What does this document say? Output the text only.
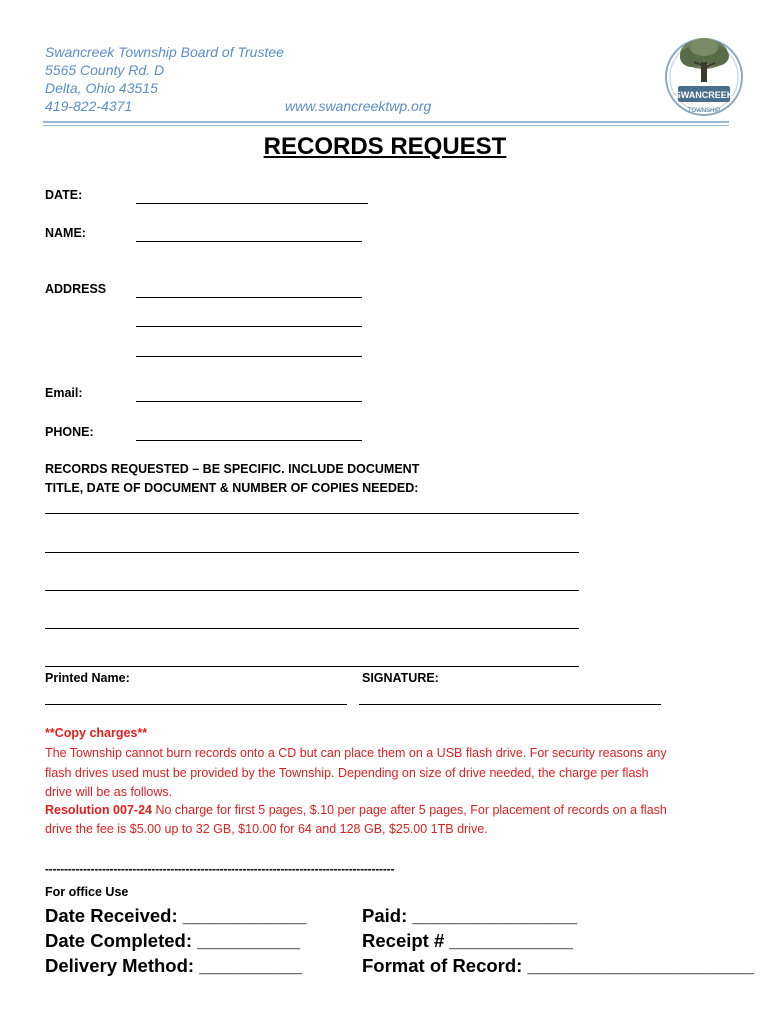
Swancreek Township Board of Trustee
5565 County Rd. D
Delta, Ohio 43515
419-822-4371	www.swancreektwp.org
SWANCREEK
TOWNSHIP
RECORDS REQUEST
DATE:
NAME:
ADDRESS
Email:
PHONE:
RECORDS REQUESTED – BE SPECIFIC. INCLUDE DOCUMENT
TITLE, DATE OF DOCUMENT & NUMBER OF COPIES NEEDED:
Printed Name:	SIGNATURE:
**Copy charges**
The Township cannot burn records onto a CD but can place them on a USB flash drive. For security reasons any
flash drives used must be provided by the Township. Depending on size of drive needed, the charge per flash
drive will be as follows.
Resolution 007-24 No charge for first 5 pages, $.10 per page after 5 pages, For placement of records on a flash
drive the fee is $5.00 up to 32 GB, $10.00 for 64 and 128 GB, $25.00 1TB drive.
--------------------------------------------------------------------------------------------
For office Use
Date Received: ____________
Date Completed: __________
Delivery Method: __________
Paid: ________________
Receipt # ____________
Format of Record: ______________________
